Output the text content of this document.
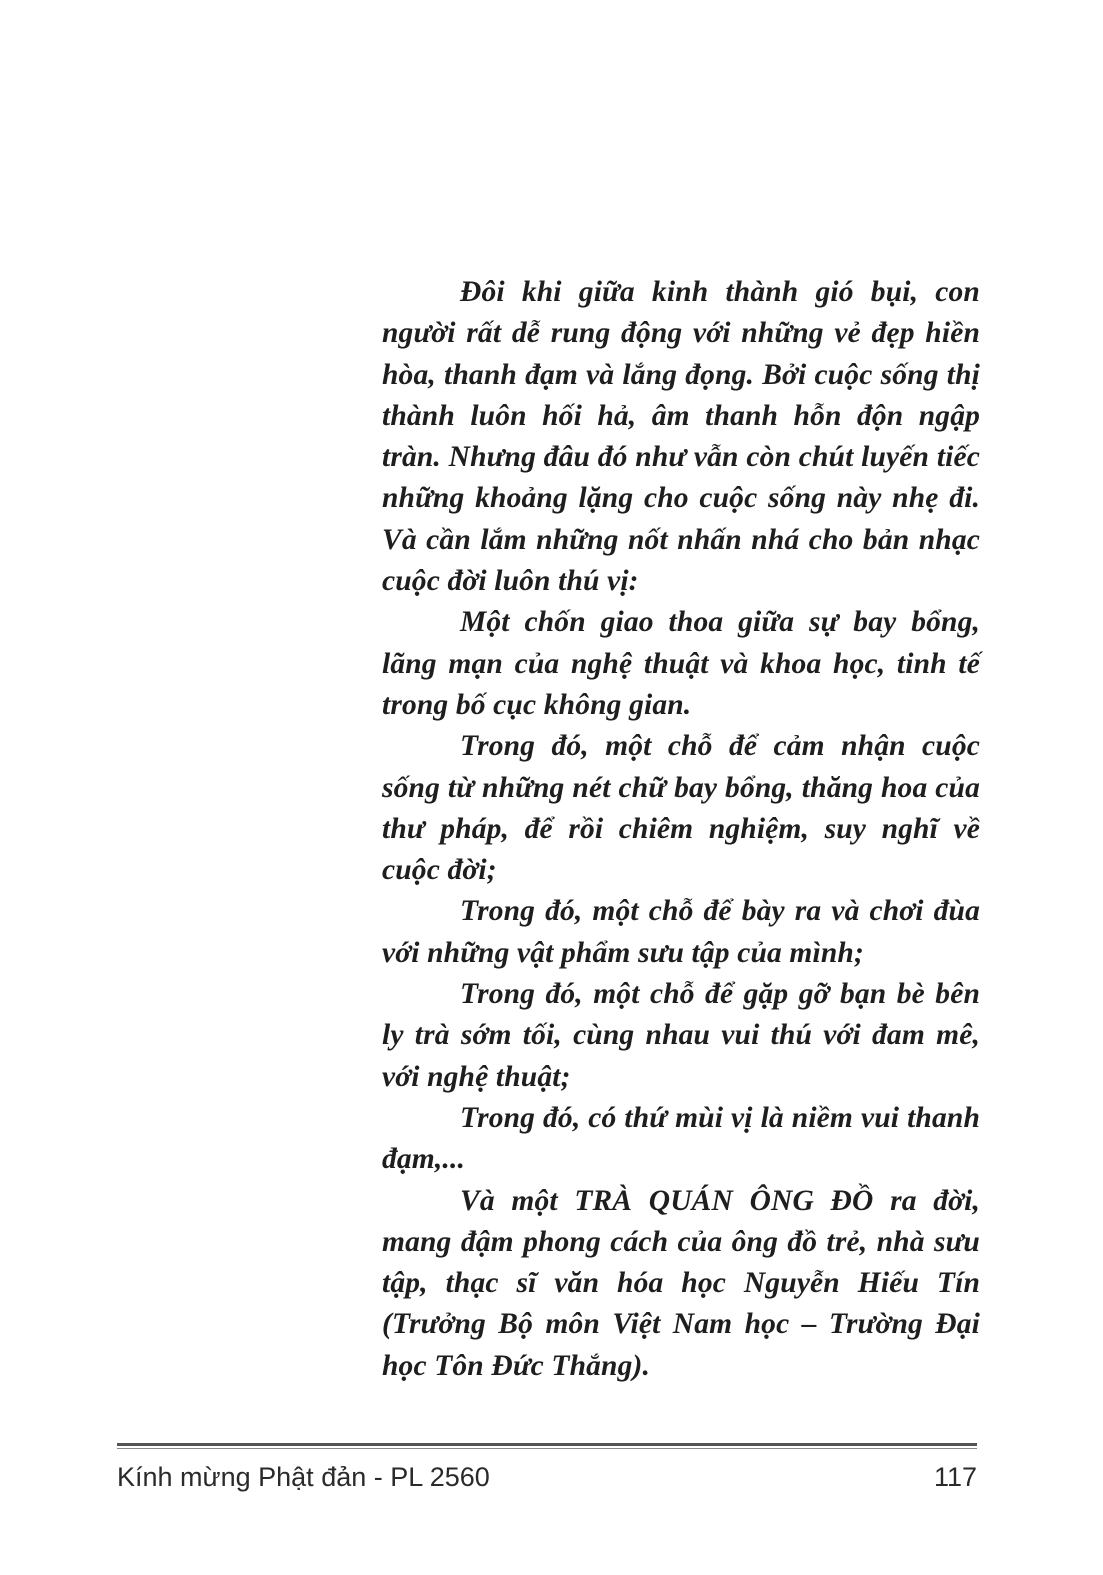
Đôi khi giữa kinh thành gió bụi, con người rất dễ rung động với những vẻ đẹp hiền hòa, thanh đạm và lắng đọng. Bởi cuộc sống thị thành luôn hối hả, âm thanh hỗn độn ngập tràn. Nhưng đâu đó như vẫn còn chút luyến tiếc những khoảng lặng cho cuộc sống này nhẹ đi. Và cần lắm những nốt nhấn nhá cho bản nhạc cuộc đời luôn thú vị:

Một chốn giao thoa giữa sự bay bổng, lãng mạn của nghệ thuật và khoa học, tinh tế trong bố cục không gian.

Trong đó, một chỗ để cảm nhận cuộc sống từ những nét chữ bay bổng, thăng hoa của thư pháp, để rồi chiêm nghiệm, suy nghĩ về cuộc đời;

Trong đó, một chỗ để bày ra và chơi đùa với những vật phẩm sưu tập của mình;

Trong đó, một chỗ để gặp gỡ bạn bè bên ly trà sớm tối, cùng nhau vui thú với đam mê, với nghệ thuật;

Trong đó, có thứ mùi vị là niềm vui thanh đạm,...

Và một TRÀ QUÁN ÔNG ĐỒ ra đời, mang đậm phong cách của ông đồ trẻ, nhà sưu tập, thạc sĩ văn hóa học Nguyễn Hiếu Tín (Trưởng Bộ môn Việt Nam học – Trường Đại học Tôn Đức Thắng).

Kính mừng Phật đản - PL 2560	117
